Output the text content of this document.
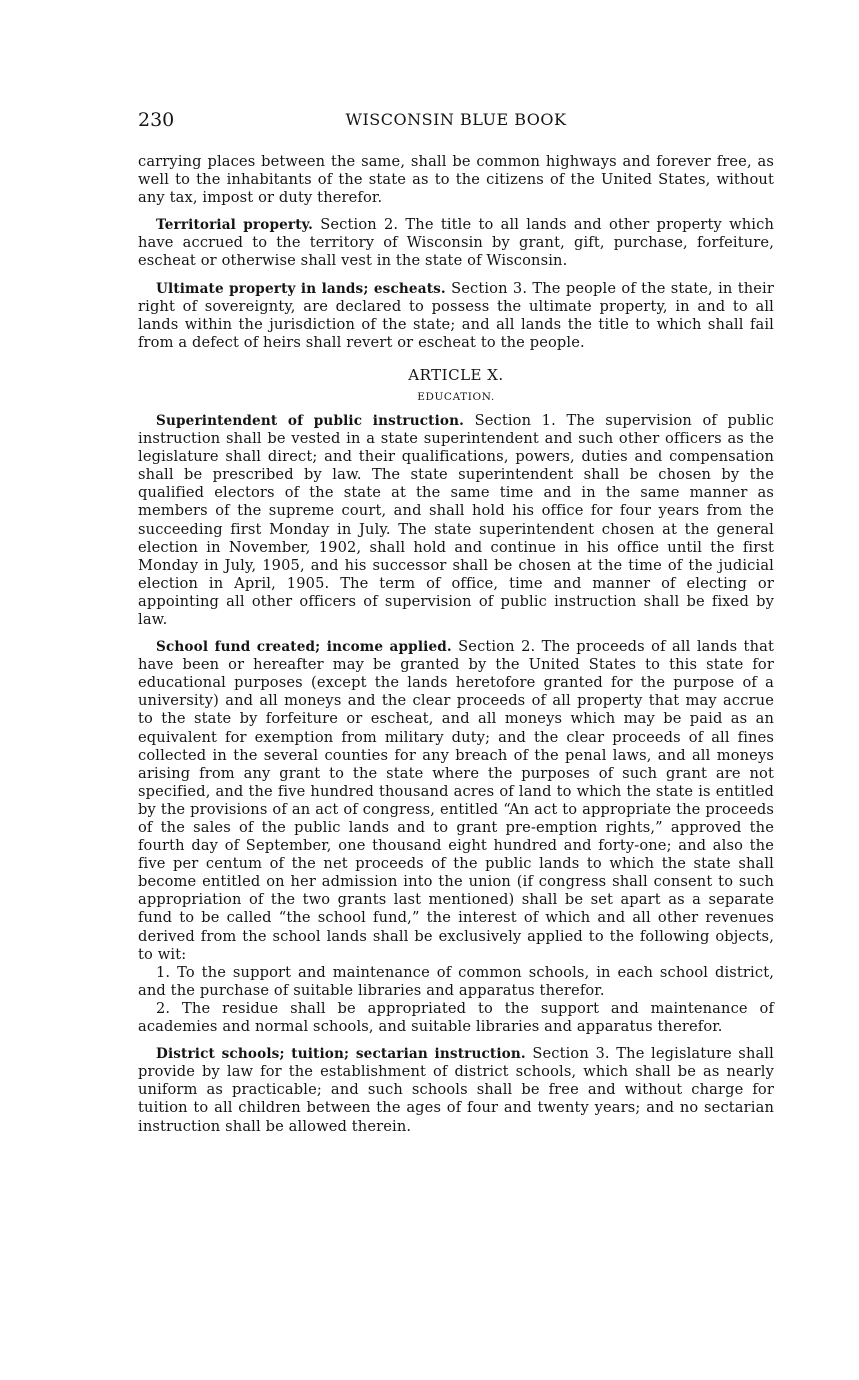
230	WISCONSIN BLUE BOOK

carrying places between the same, shall be common highways and forever free, as well to the inhabitants of the state as to the citizens of the United States, without any tax, impost or duty therefor.

Territorial property. Section 2. The title to all lands and other property which have accrued to the territory of Wisconsin by grant, gift, purchase, forfeiture, escheat or otherwise shall vest in the state of Wisconsin.

Ultimate property in lands; escheats. Section 3. The people of the state, in their right of sovereignty, are declared to possess the ultimate property, in and to all lands within the jurisdiction of the state; and all lands the title to which shall fail from a defect of heirs shall revert or escheat to the people.

ARTICLE X.
EDUCATION.

Superintendent of public instruction. Section 1. The supervision of public instruction shall be vested in a state superintendent and such other officers as the legislature shall direct; and their qualifications, powers, duties and compensation shall be prescribed by law. The state superintendent shall be chosen by the qualified electors of the state at the same time and in the same manner as members of the supreme court, and shall hold his office for four years from the succeeding first Monday in July. The state superintendent chosen at the general election in November, 1902, shall hold and continue in his office until the first Monday in July, 1905, and his successor shall be chosen at the time of the judicial election in April, 1905. The term of office, time and manner of electing or appointing all other officers of supervision of public instruction shall be fixed by law.

School fund created; income applied. Section 2. The proceeds of all lands that have been or hereafter may be granted by the United States to this state for educational purposes (except the lands heretofore granted for the purpose of a university) and all moneys and the clear proceeds of all property that may accrue to the state by forfeiture or escheat, and all moneys which may be paid as an equivalent for exemption from military duty; and the clear proceeds of all fines collected in the several counties for any breach of the penal laws, and all moneys arising from any grant to the state where the purposes of such grant are not specified, and the five hundred thousand acres of land to which the state is entitled by the provisions of an act of congress, entitled “An act to appropriate the proceeds of the sales of the public lands and to grant pre-emption rights,” approved the fourth day of September, one thousand eight hundred and forty-one; and also the five per centum of the net proceeds of the public lands to which the state shall become entitled on her admission into the union (if congress shall consent to such appropriation of the two grants last mentioned) shall be set apart as a separate fund to be called “the school fund,” the interest of which and all other revenues derived from the school lands shall be exclusively applied to the following objects, to wit:

1. To the support and maintenance of common schools, in each school district, and the purchase of suitable libraries and apparatus therefor.

2. The residue shall be appropriated to the support and maintenance of academies and normal schools, and suitable libraries and apparatus therefor.

District schools; tuition; sectarian instruction. Section 3. The legislature shall provide by law for the establishment of district schools, which shall be as nearly uniform as practicable; and such schools shall be free and without charge for tuition to all children between the ages of four and twenty years; and no sectarian instruction shall be allowed therein.
